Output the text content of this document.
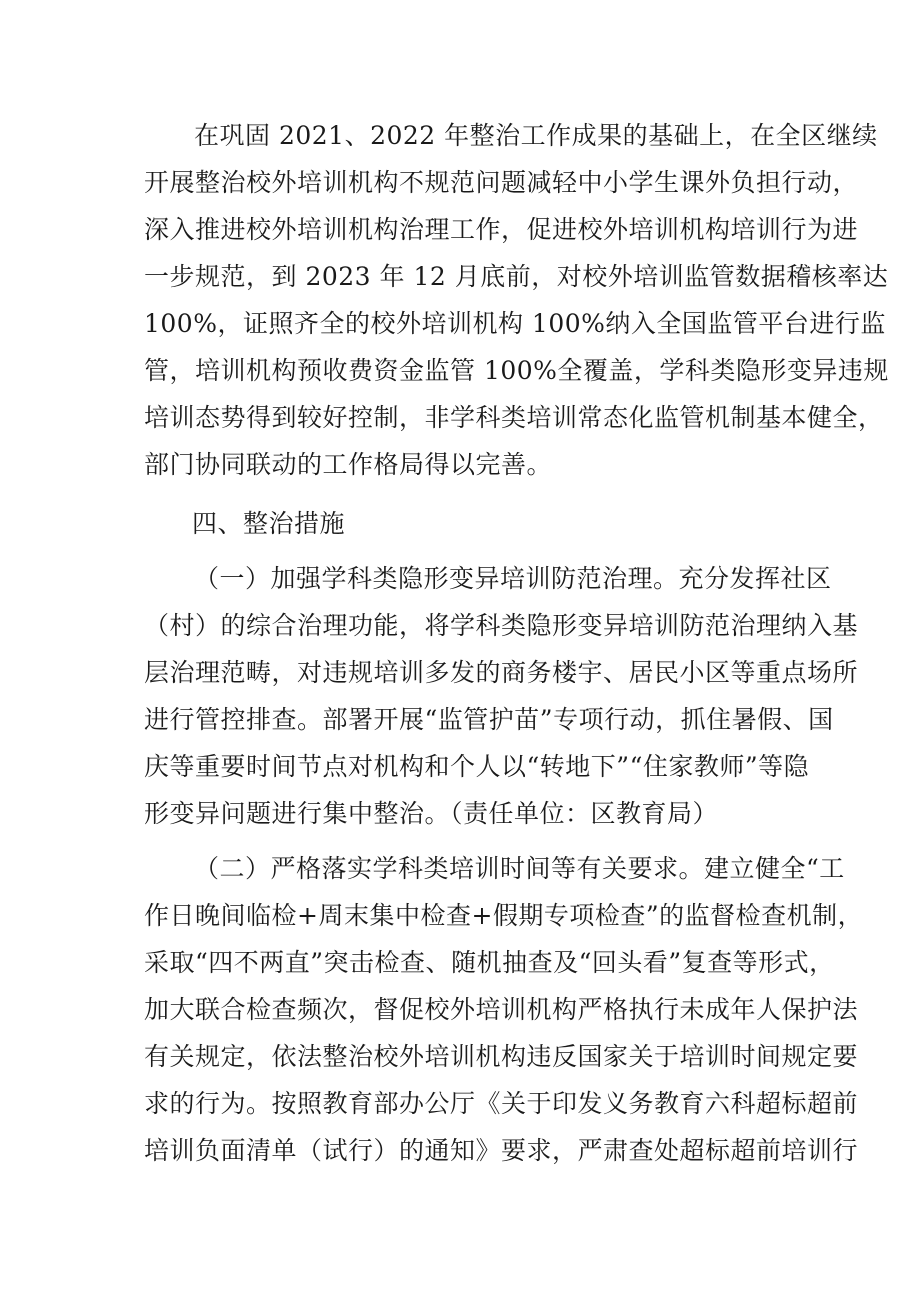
在巩固 2021、2022 年整治工作成果的基础上，在全区继续
开展整治校外培训机构不规范问题减轻中小学生课外负担行动，
深入推进校外培训机构治理工作，促进校外培训机构培训行为进
一步规范，到 2023 年 12 月底前，对校外培训监管数据稽核率达
100%，证照齐全的校外培训机构 100%纳入全国监管平台进行监
管，培训机构预收费资金监管 100%全覆盖，学科类隐形变异违规
培训态势得到较好控制，非学科类培训常态化监管机制基本健全，
部门协同联动的工作格局得以完善。

四、整治措施

（一）加强学科类隐形变异培训防范治理。充分发挥社区
（村）的综合治理功能，将学科类隐形变异培训防范治理纳入基
层治理范畴，对违规培训多发的商务楼宇、居民小区等重点场所
进行管控排查。部署开展“监管护苗”专项行动，抓住暑假、国
庆等重要时间节点对机构和个人以“转地下”“住家教师”等隐
形变异问题进行集中整治。（责任单位：区教育局）

（二）严格落实学科类培训时间等有关要求。建立健全“工
作日晚间临检+周末集中检查+假期专项检查”的监督检查机制，
采取“四不两直”突击检查、随机抽查及“回头看”复查等形式，
加大联合检查频次，督促校外培训机构严格执行未成年人保护法
有关规定，依法整治校外培训机构违反国家关于培训时间规定要
求的行为。按照教育部办公厅《关于印发义务教育六科超标超前
培训负面清单（试行）的通知》要求，严肃查处超标超前培训行
